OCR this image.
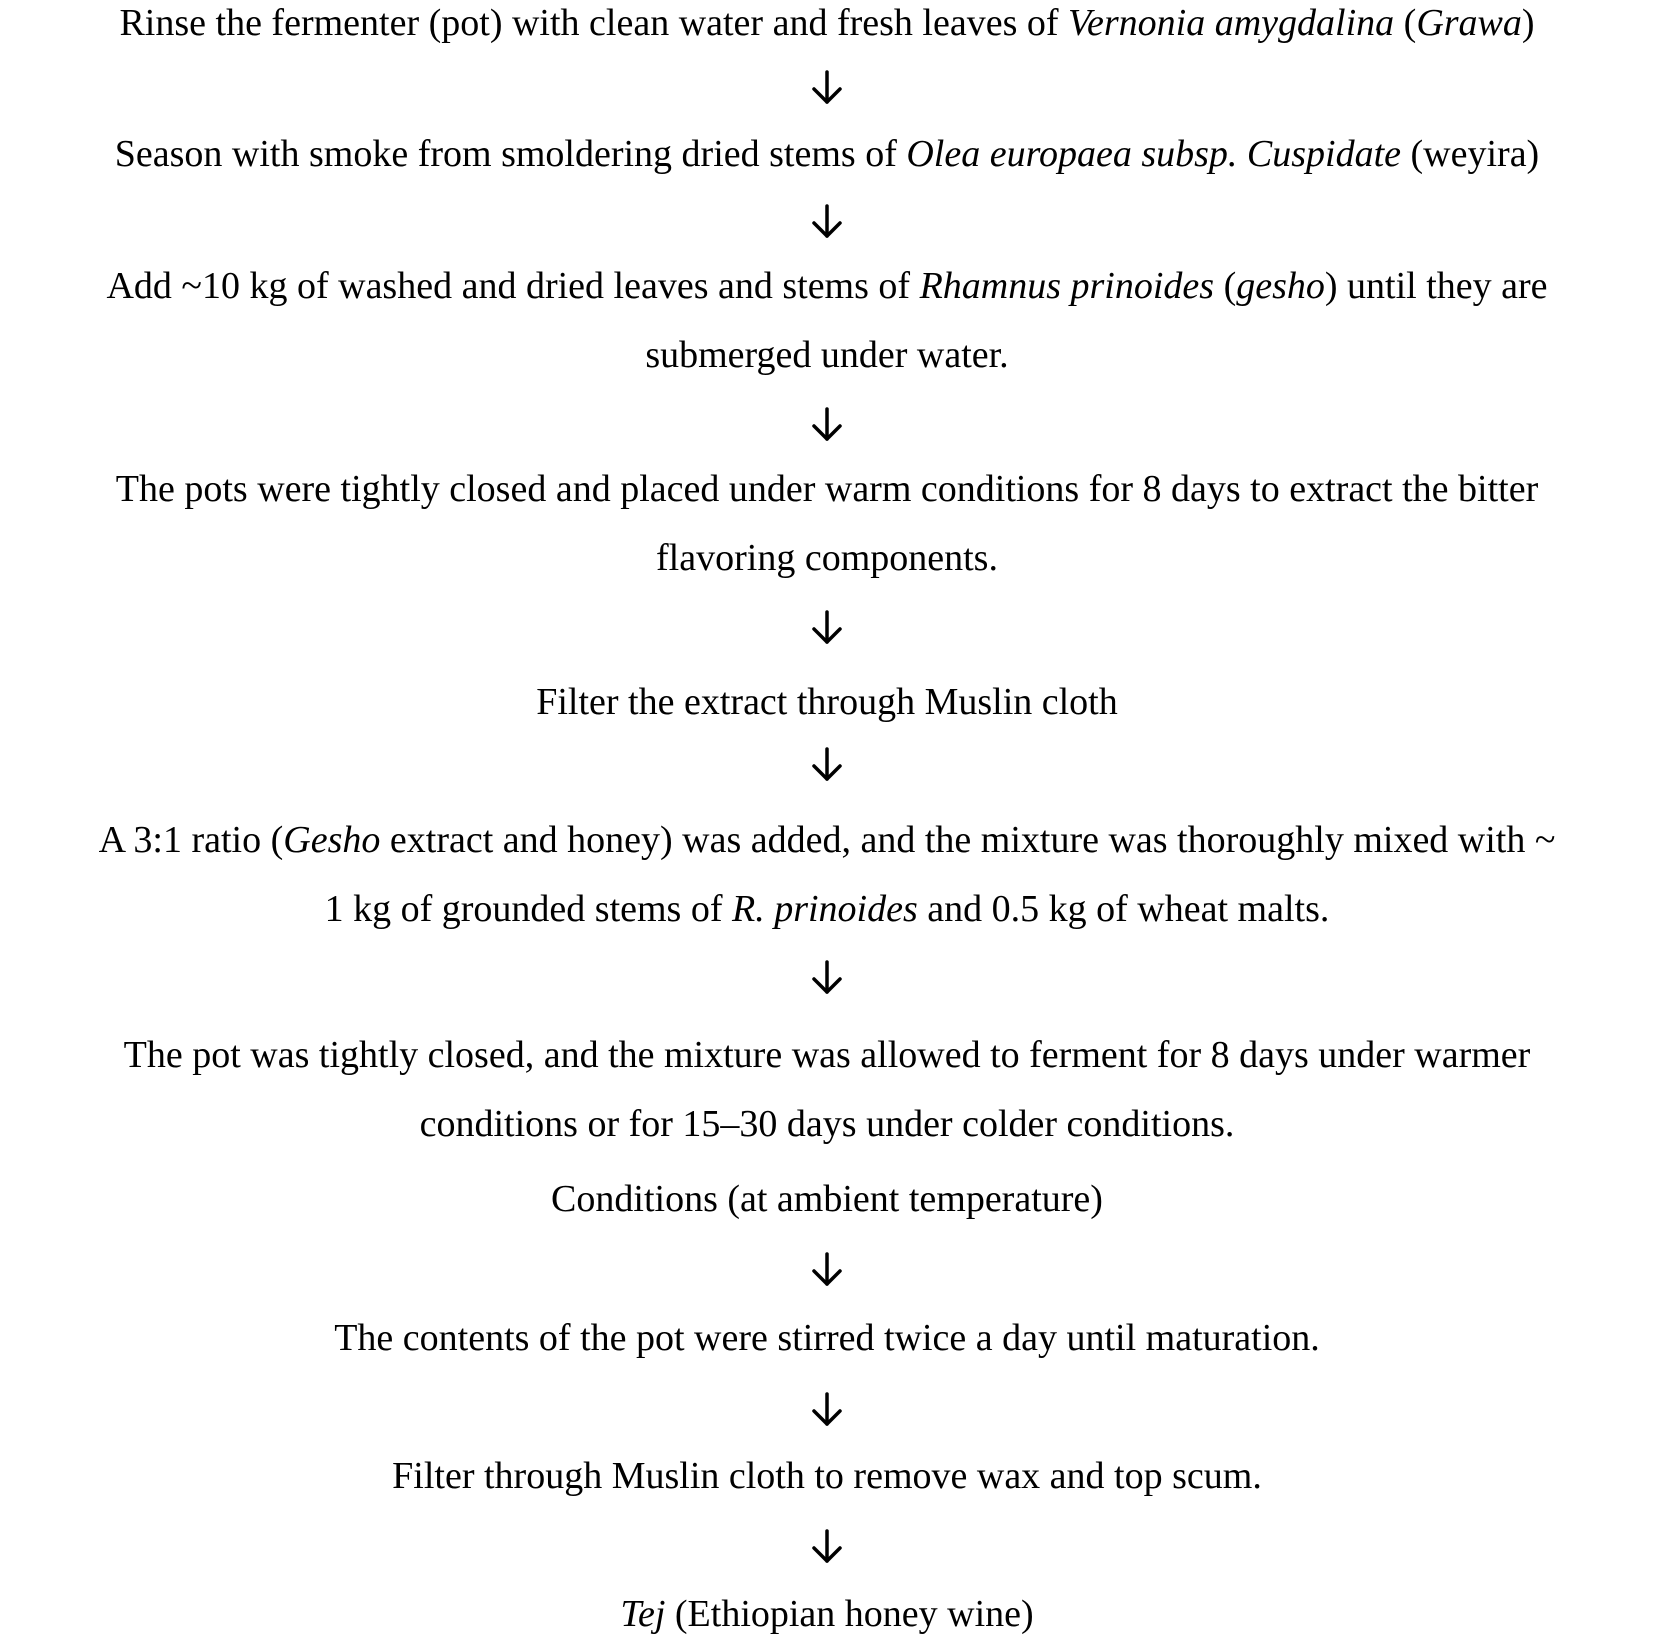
Rinse the fermenter (pot) with clean water and fresh leaves of Vernonia amygdalina (Grawa)
Season with smoke from smoldering dried stems of Olea europaea subsp. Cuspidate (weyira)
Add ~10 kg of washed and dried leaves and stems of Rhamnus prinoides (gesho) until they are
submerged under water.
The pots were tightly closed and placed under warm conditions for 8 days to extract the bitter
flavoring components.
Filter the extract through Muslin cloth
A 3:1 ratio (Gesho extract and honey) was added, and the mixture was thoroughly mixed with ~
1 kg of grounded stems of R. prinoides and 0.5 kg of wheat malts.
The pot was tightly closed, and the mixture was allowed to ferment for 8 days under warmer
conditions or for 15–30 days under colder conditions.
Conditions (at ambient temperature)
The contents of the pot were stirred twice a day until maturation.
Filter through Muslin cloth to remove wax and top scum.
Tej (Ethiopian honey wine)
